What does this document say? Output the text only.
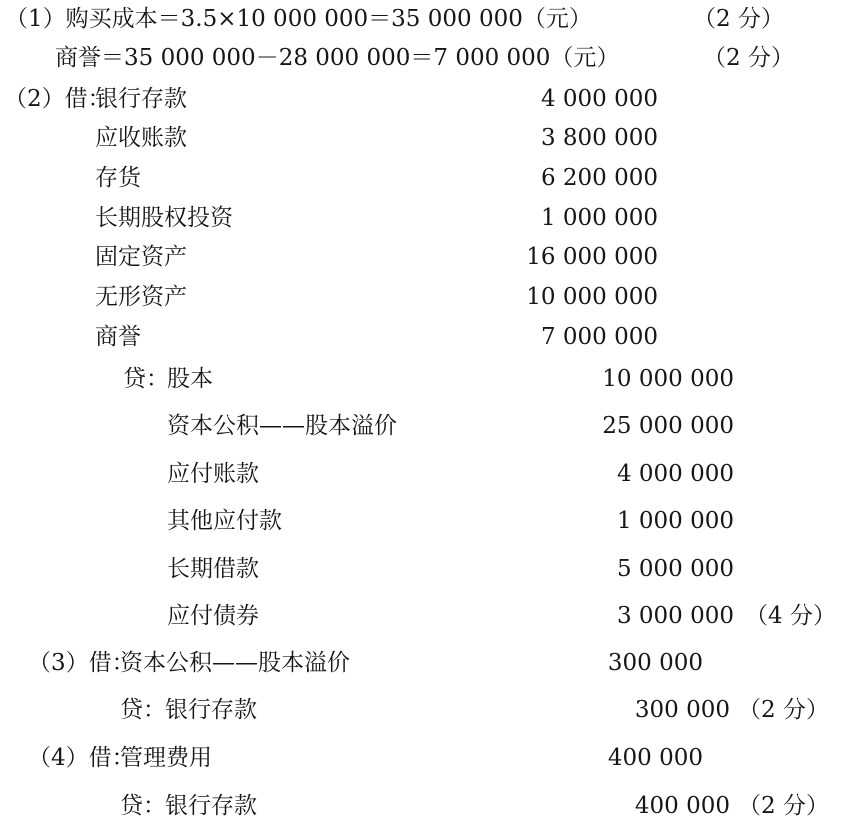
（1）购买成本＝3.5×10 000 000＝35 000 000（元）	（2 分）
商誉＝35 000 000－28 000 000＝7 000 000（元）	（2 分）
（2）借：
银行存款	4 000 000
应收账款	3 800 000
存货	6 200 000
长期股权投资	1 000 000
固定资产	16 000 000
无形资产	10 000 000
商誉	7 000 000
贷：
股本	10 000 000
资本公积——股本溢价	25 000 000
应付账款	4 000 000
其他应付款	1 000 000
长期借款	5 000 000
应付债券	3 000 000 （4 分）
（3）借：
资本公积——股本溢价	300 000
贷： 银行存款	300 000 （2 分）
（4）借：
管理费用	400 000
贷： 银行存款	400 000 （2 分）
